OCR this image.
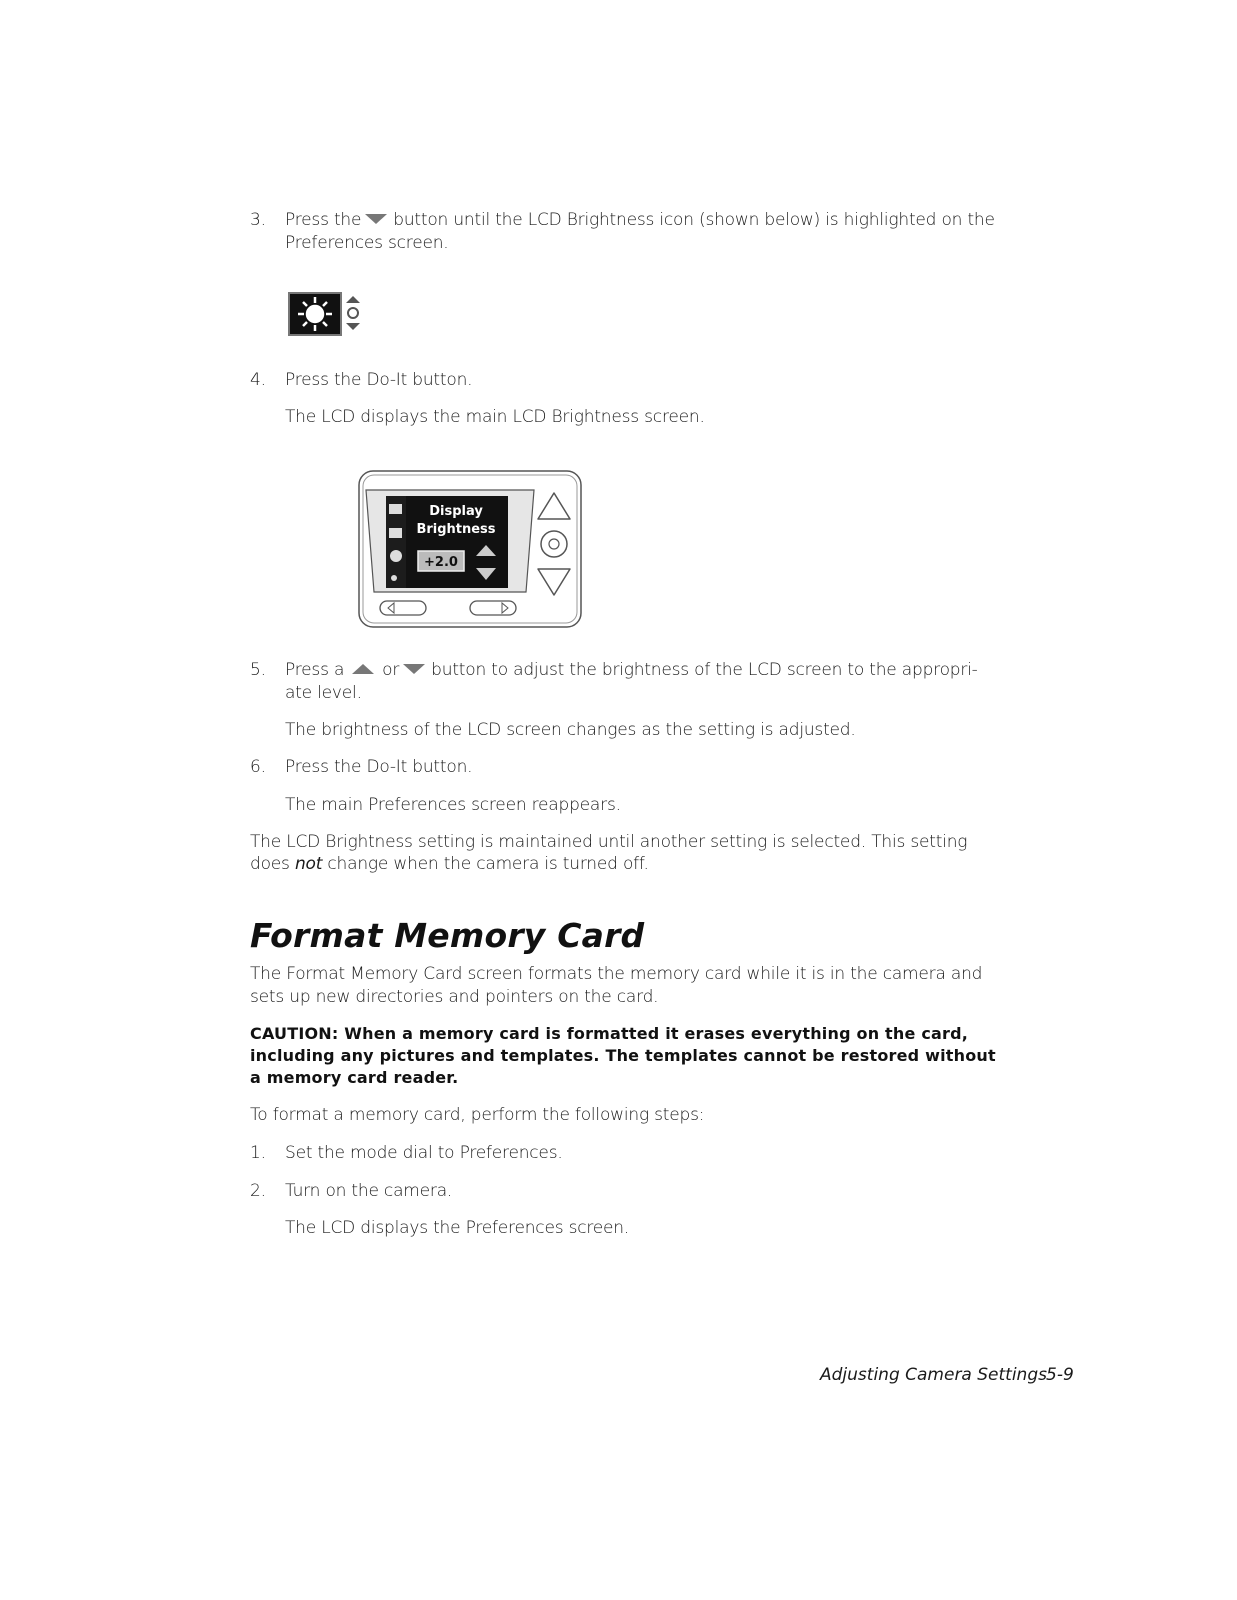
3.	Press the button until the LCD Brightness icon (shown below) is highlighted on the
Preferences screen.
4.	Press the Do-It button.
The LCD displays the main LCD Brightness screen.
Display
Brightness
+2.0
5.	Press a or button to adjust the brightness of the LCD screen to the appropri-
ate level.
The brightness of the LCD screen changes as the setting is adjusted.
6.	Press the Do-It button.
The main Preferences screen reappears.
The LCD Brightness setting is maintained until another setting is selected. This setting
does not change when the camera is turned off.
Format Memory Card
The Format Memory Card screen formats the memory card while it is in the camera and
sets up new directories and pointers on the card.
CAUTION: When a memory card is formatted it erases everything on the card,
including any pictures and templates. The templates cannot be restored without
a memory card reader.
To format a memory card, perform the following steps:
1.	Set the mode dial to Preferences.
2.	Turn on the camera.
The LCD displays the Preferences screen.
Adjusting Camera Settings 5-9
